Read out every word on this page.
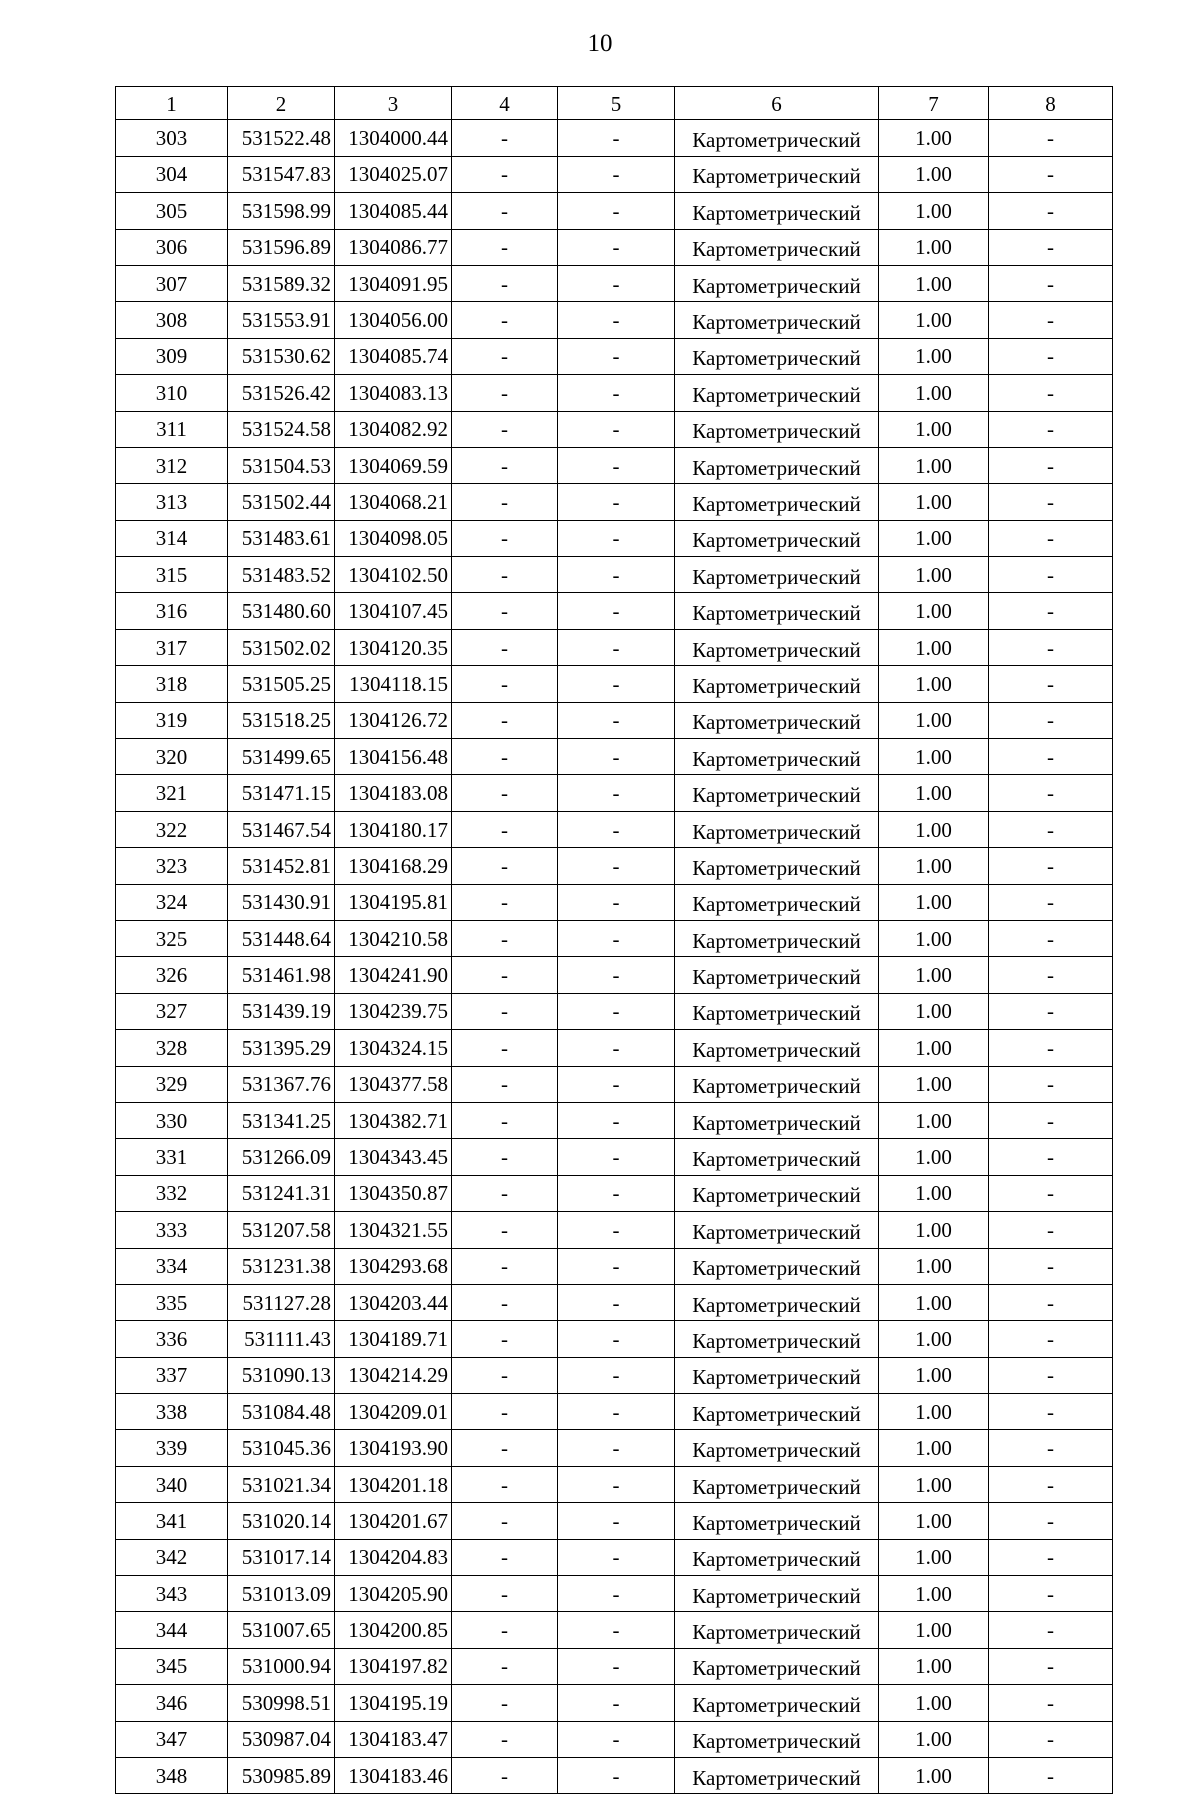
10
1	2	3	4	5	6	7	8
303	531522.48	1304000.44	-	-	Картометрический	1.00	-
304	531547.83	1304025.07	-	-	Картометрический	1.00	-
305	531598.99	1304085.44	-	-	Картометрический	1.00	-
306	531596.89	1304086.77	-	-	Картометрический	1.00	-
307	531589.32	1304091.95	-	-	Картометрический	1.00	-
308	531553.91	1304056.00	-	-	Картометрический	1.00	-
309	531530.62	1304085.74	-	-	Картометрический	1.00	-
310	531526.42	1304083.13	-	-	Картометрический	1.00	-
311	531524.58	1304082.92	-	-	Картометрический	1.00	-
312	531504.53	1304069.59	-	-	Картометрический	1.00	-
313	531502.44	1304068.21	-	-	Картометрический	1.00	-
314	531483.61	1304098.05	-	-	Картометрический	1.00	-
315	531483.52	1304102.50	-	-	Картометрический	1.00	-
316	531480.60	1304107.45	-	-	Картометрический	1.00	-
317	531502.02	1304120.35	-	-	Картометрический	1.00	-
318	531505.25	1304118.15	-	-	Картометрический	1.00	-
319	531518.25	1304126.72	-	-	Картометрический	1.00	-
320	531499.65	1304156.48	-	-	Картометрический	1.00	-
321	531471.15	1304183.08	-	-	Картометрический	1.00	-
322	531467.54	1304180.17	-	-	Картометрический	1.00	-
323	531452.81	1304168.29	-	-	Картометрический	1.00	-
324	531430.91	1304195.81	-	-	Картометрический	1.00	-
325	531448.64	1304210.58	-	-	Картометрический	1.00	-
326	531461.98	1304241.90	-	-	Картометрический	1.00	-
327	531439.19	1304239.75	-	-	Картометрический	1.00	-
328	531395.29	1304324.15	-	-	Картометрический	1.00	-
329	531367.76	1304377.58	-	-	Картометрический	1.00	-
330	531341.25	1304382.71	-	-	Картометрический	1.00	-
331	531266.09	1304343.45	-	-	Картометрический	1.00	-
332	531241.31	1304350.87	-	-	Картометрический	1.00	-
333	531207.58	1304321.55	-	-	Картометрический	1.00	-
334	531231.38	1304293.68	-	-	Картометрический	1.00	-
335	531127.28	1304203.44	-	-	Картометрический	1.00	-
336	531111.43	1304189.71	-	-	Картометрический	1.00	-
337	531090.13	1304214.29	-	-	Картометрический	1.00	-
338	531084.48	1304209.01	-	-	Картометрический	1.00	-
339	531045.36	1304193.90	-	-	Картометрический	1.00	-
340	531021.34	1304201.18	-	-	Картометрический	1.00	-
341	531020.14	1304201.67	-	-	Картометрический	1.00	-
342	531017.14	1304204.83	-	-	Картометрический	1.00	-
343	531013.09	1304205.90	-	-	Картометрический	1.00	-
344	531007.65	1304200.85	-	-	Картометрический	1.00	-
345	531000.94	1304197.82	-	-	Картометрический	1.00	-
346	530998.51	1304195.19	-	-	Картометрический	1.00	-
347	530987.04	1304183.47	-	-	Картометрический	1.00	-
348	530985.89	1304183.46	-	-	Картометрический	1.00	-
